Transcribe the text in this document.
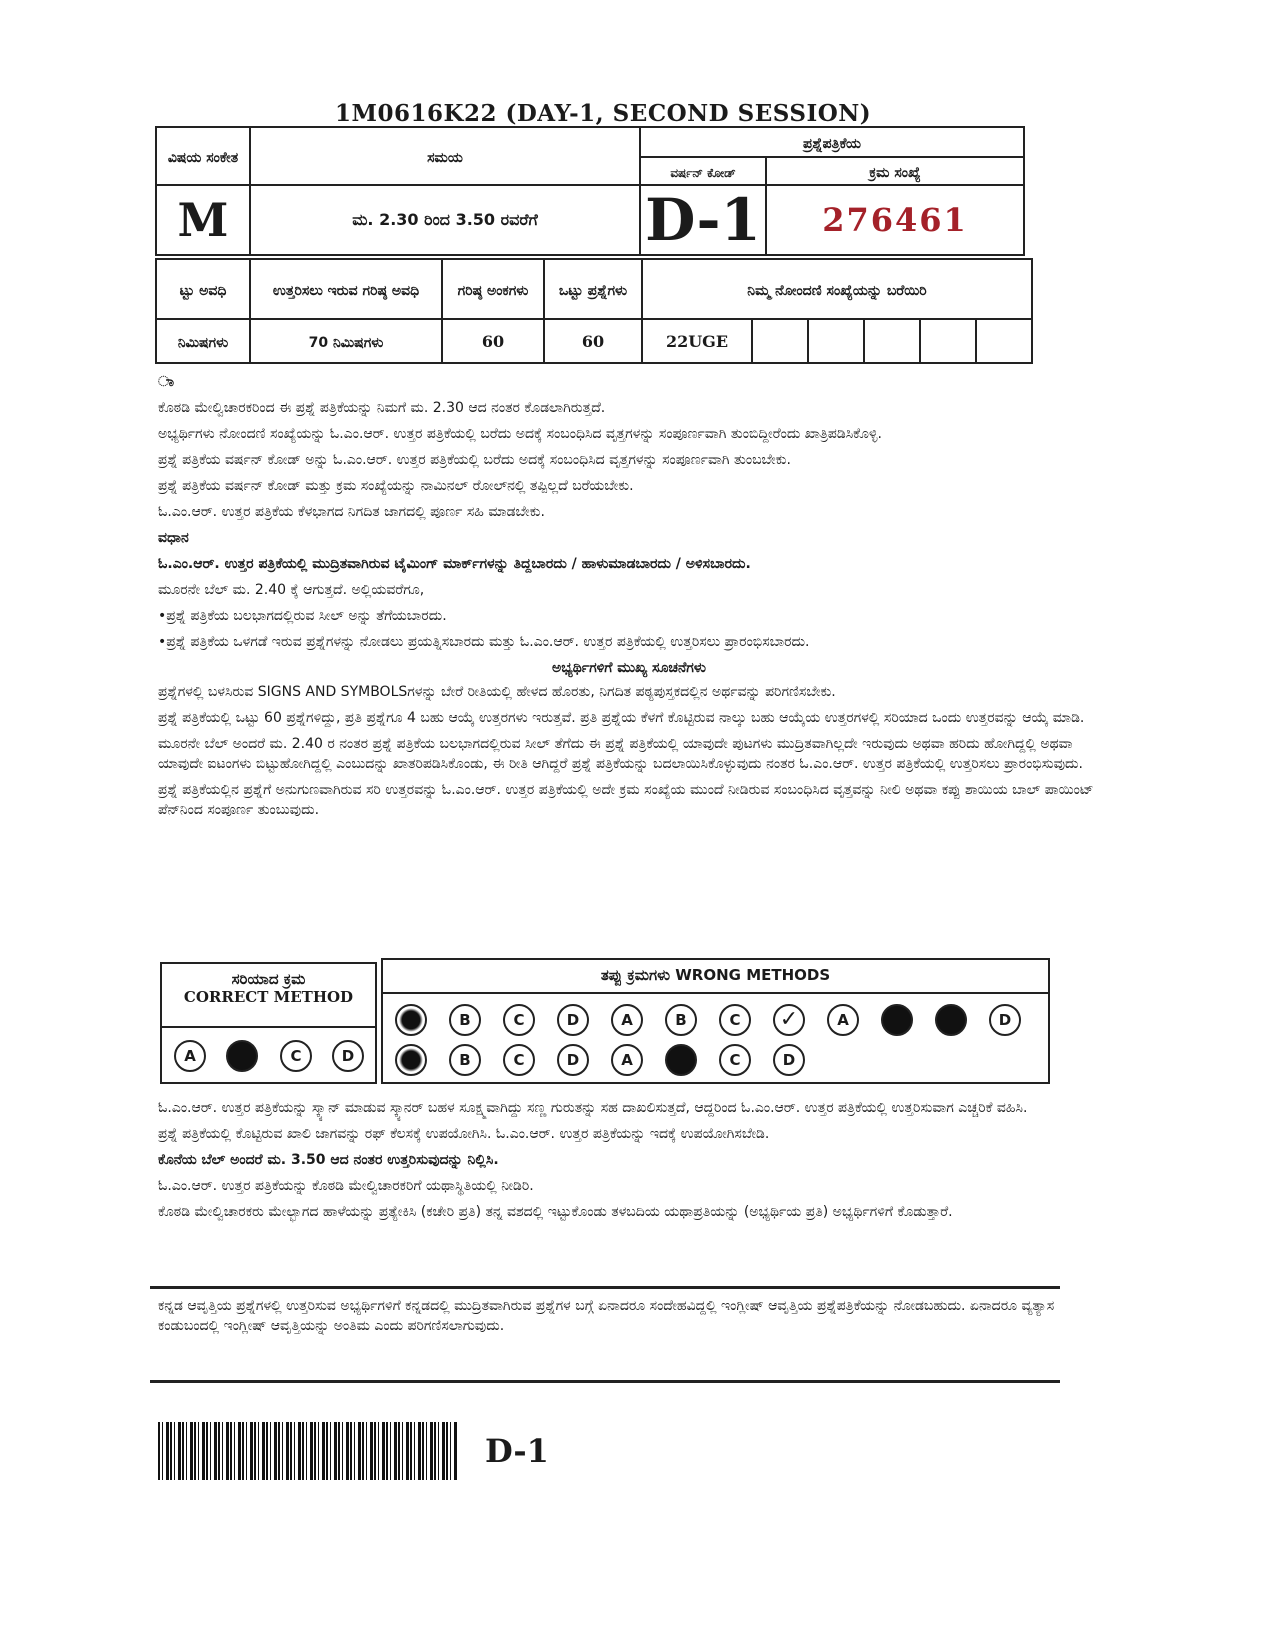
1M0616K22 (DAY-1, SECOND SESSION)
ವಿಷಯ ಸಂಕೇತ	ಸಮಯ	ಪ್ರಶ್ನೆಪತ್ರಿಕೆಯ	
		ವರ್ಷನ್ ಕೋಡ್	ಕ್ರಮ ಸಂಖ್ಯೆ
M	ಮ. 2.30 ರಿಂದ 3.50 ರವರೆಗೆ	D-1	276461
ಟ್ಟು ಅವಧಿ	ಉತ್ತರಿಸಲು ಇರುವ ಗರಿಷ್ಠ ಅವಧಿ	ಗರಿಷ್ಠ ಅಂಕಗಳು	ಒಟ್ಟು ಪ್ರಶ್ನೆಗಳು	ನಿಮ್ಮ ನೋಂದಣಿ ಸಂಖ್ಯೆಯನ್ನು ಬರೆಯಿರಿ					
ನಿಮಿಷಗಳು	70 ನಿಮಿಷಗಳು	60	60	22UGE					

ಾ

ಕೊಠಡಿ ಮೇಲ್ವಿಚಾರಕರಿಂದ ಈ ಪ್ರಶ್ನೆ ಪತ್ರಿಕೆಯನ್ನು ನಿಮಗೆ ಮ. 2.30 ಆದ ನಂತರ ಕೊಡಲಾಗಿರುತ್ತದೆ.

ಅಭ್ಯರ್ಥಿಗಳು ನೋಂದಣಿ ಸಂಖ್ಯೆಯನ್ನು ಓ.ಎಂ.ಆರ್. ಉತ್ತರ ಪತ್ರಿಕೆಯಲ್ಲಿ ಬರೆದು ಅದಕ್ಕೆ ಸಂಬಂಧಿಸಿದ ವೃತ್ತಗಳನ್ನು ಸಂಪೂರ್ಣವಾಗಿ ತುಂಬಿದ್ದೀರೆಂದು ಖಾತ್ರಿಪಡಿಸಿಕೊಳ್ಳಿ.

ಪ್ರಶ್ನೆ ಪತ್ರಿಕೆಯ ವರ್ಷನ್ ಕೋಡ್ ಅನ್ನು ಓ.ಎಂ.ಆರ್. ಉತ್ತರ ಪತ್ರಿಕೆಯಲ್ಲಿ ಬರೆದು ಅದಕ್ಕೆ ಸಂಬಂಧಿಸಿದ ವೃತ್ತಗಳನ್ನು ಸಂಪೂರ್ಣವಾಗಿ ತುಂಬಬೇಕು.

ಪ್ರಶ್ನೆ ಪತ್ರಿಕೆಯ ವರ್ಷನ್ ಕೋಡ್ ಮತ್ತು ಕ್ರಮ ಸಂಖ್ಯೆಯನ್ನು ನಾಮಿನಲ್ ರೋಲ್‌ನಲ್ಲಿ ತಪ್ಪಿಲ್ಲದೆ ಬರೆಯಬೇಕು.

ಓ.ಎಂ.ಆರ್. ಉತ್ತರ ಪತ್ರಿಕೆಯ ಕೆಳಭಾಗದ ನಿಗದಿತ ಜಾಗದಲ್ಲಿ ಪೂರ್ಣ ಸಹಿ ಮಾಡಬೇಕು.

ವಧಾನ

ಓ.ಎಂ.ಆರ್. ಉತ್ತರ ಪತ್ರಿಕೆಯಲ್ಲಿ ಮುದ್ರಿತವಾಗಿರುವ ಟೈಮಿಂಗ್ ಮಾರ್ಕ್‌ಗಳನ್ನು ತಿದ್ದಬಾರದು / ಹಾಳುಮಾಡಬಾರದು / ಅಳಿಸಬಾರದು.

ಮೂರನೇ ಬೆಲ್ ಮ. 2.40 ಕ್ಕೆ ಆಗುತ್ತದೆ. ಅಲ್ಲಿಯವರೆಗೂ,

• ಪ್ರಶ್ನೆ ಪತ್ರಿಕೆಯ ಬಲಭಾಗದಲ್ಲಿರುವ ಸೀಲ್ ಅನ್ನು ತೆಗೆಯಬಾರದು.

• ಪ್ರಶ್ನೆ ಪತ್ರಿಕೆಯ ಒಳಗಡೆ ಇರುವ ಪ್ರಶ್ನೆಗಳನ್ನು ನೋಡಲು ಪ್ರಯತ್ನಿಸಬಾರದು ಮತ್ತು ಓ.ಎಂ.ಆರ್. ಉತ್ತರ ಪತ್ರಿಕೆಯಲ್ಲಿ ಉತ್ತರಿಸಲು ಪ್ರಾರಂಭಿಸಬಾರದು.

ಅಭ್ಯರ್ಥಿಗಳಿಗೆ ಮುಖ್ಯ ಸೂಚನೆಗಳು

ಪ್ರಶ್ನೆಗಳಲ್ಲಿ ಬಳಸಿರುವ SIGNS AND SYMBOLSಗಳನ್ನು ಬೇರೆ ರೀತಿಯಲ್ಲಿ ಹೇಳದ ಹೊರತು, ನಿಗದಿತ ಪಠ್ಯಪುಸ್ತಕದಲ್ಲಿನ ಅರ್ಥವನ್ನು ಪರಿಗಣಿಸಬೇಕು.

ಪ್ರಶ್ನೆ ಪತ್ರಿಕೆಯಲ್ಲಿ ಒಟ್ಟು 60 ಪ್ರಶ್ನೆಗಳಿದ್ದು, ಪ್ರತಿ ಪ್ರಶ್ನೆಗೂ 4 ಬಹು ಆಯ್ಕೆ ಉತ್ತರಗಳು ಇರುತ್ತವೆ. ಪ್ರತಿ ಪ್ರಶ್ನೆಯ ಕೆಳಗೆ ಕೊಟ್ಟಿರುವ ನಾಲ್ಕು ಬಹು ಆಯ್ಕೆಯ ಉತ್ತರಗಳಲ್ಲಿ ಸರಿಯಾದ ಒಂದು ಉತ್ತರವನ್ನು ಆಯ್ಕೆ ಮಾಡಿ.

ಮೂರನೇ ಬೆಲ್ ಅಂದರೆ ಮ. 2.40 ರ ನಂತರ ಪ್ರಶ್ನೆ ಪತ್ರಿಕೆಯ ಬಲಭಾಗದಲ್ಲಿರುವ ಸೀಲ್ ತೆಗೆದು ಈ ಪ್ರಶ್ನೆ ಪತ್ರಿಕೆಯಲ್ಲಿ ಯಾವುದೇ ಪುಟಗಳು ಮುದ್ರಿತವಾಗಿಲ್ಲದೇ ಇರುವುದು ಅಥವಾ ಹರಿದು ಹೋಗಿದ್ದಲ್ಲಿ ಅಥವಾ ಯಾವುದೇ ಐಟಂಗಳು ಬಿಟ್ಟುಹೋಗಿದ್ದಲ್ಲಿ ಎಂಬುದನ್ನು ಖಾತರಿಪಡಿಸಿಕೊಂಡು, ಈ ರೀತಿ ಆಗಿದ್ದರೆ ಪ್ರಶ್ನೆ ಪತ್ರಿಕೆಯನ್ನು ಬದಲಾಯಿಸಿಕೊಳ್ಳುವುದು ನಂತರ ಓ.ಎಂ.ಆರ್. ಉತ್ತರ ಪತ್ರಿಕೆಯಲ್ಲಿ ಉತ್ತರಿಸಲು ಪ್ರಾರಂಭಿಸುವುದು.

ಪ್ರಶ್ನೆ ಪತ್ರಿಕೆಯಲ್ಲಿನ ಪ್ರಶ್ನೆಗೆ ಅನುಗುಣವಾಗಿರುವ ಸರಿ ಉತ್ತರವನ್ನು ಓ.ಎಂ.ಆರ್. ಉತ್ತರ ಪತ್ರಿಕೆಯಲ್ಲಿ ಅದೇ ಕ್ರಮ ಸಂಖ್ಯೆಯ ಮುಂದೆ ನೀಡಿರುವ ಸಂಬಂಧಿಸಿದ ವೃತ್ತವನ್ನು ನೀಲಿ ಅಥವಾ ಕಪ್ಪು ಶಾಯಿಯ ಬಾಲ್ ಪಾಯಿಂಟ್ ಪೆನ್‌ನಿಂದ ಸಂಪೂರ್ಣ ತುಂಬುವುದು.

ಸರಿಯಾದ ಕ್ರಮ
CORRECT METHOD
A	C	D
ತಪ್ಪು ಕ್ರಮಗಳು WRONG METHODS
B	C	D	A	B	C	✓	A	D
B	C	D	A	C	D

ಓ.ಎಂ.ಆರ್. ಉತ್ತರ ಪತ್ರಿಕೆಯನ್ನು ಸ್ಕ್ಯಾನ್ ಮಾಡುವ ಸ್ಕ್ಯಾನರ್ ಬಹಳ ಸೂಕ್ಷ್ಮವಾಗಿದ್ದು ಸಣ್ಣ ಗುರುತನ್ನು ಸಹ ದಾಖಲಿಸುತ್ತದೆ, ಆದ್ದರಿಂದ ಓ.ಎಂ.ಆರ್. ಉತ್ತರ ಪತ್ರಿಕೆಯಲ್ಲಿ ಉತ್ತರಿಸುವಾಗ ಎಚ್ಚರಿಕೆ ವಹಿಸಿ.

ಪ್ರಶ್ನೆ ಪತ್ರಿಕೆಯಲ್ಲಿ ಕೊಟ್ಟಿರುವ ಖಾಲಿ ಜಾಗವನ್ನು ರಫ್ ಕೆಲಸಕ್ಕೆ ಉಪಯೋಗಿಸಿ. ಓ.ಎಂ.ಆರ್. ಉತ್ತರ ಪತ್ರಿಕೆಯನ್ನು ಇದಕ್ಕೆ ಉಪಯೋಗಿಸಬೇಡಿ.

ಕೊನೆಯ ಬೆಲ್ ಅಂದರೆ ಮ. 3.50 ಆದ ನಂತರ ಉತ್ತರಿಸುವುದನ್ನು ನಿಲ್ಲಿಸಿ.

ಓ.ಎಂ.ಆರ್. ಉತ್ತರ ಪತ್ರಿಕೆಯನ್ನು ಕೊಠಡಿ ಮೇಲ್ವಿಚಾರಕರಿಗೆ ಯಥಾಸ್ಥಿತಿಯಲ್ಲಿ ನೀಡಿರಿ.

ಕೊಠಡಿ ಮೇಲ್ವಿಚಾರಕರು ಮೇಲ್ಭಾಗದ ಹಾಳೆಯನ್ನು ಪ್ರತ್ಯೇಕಿಸಿ (ಕಚೇರಿ ಪ್ರತಿ) ತನ್ನ ವಶದಲ್ಲಿ ಇಟ್ಟುಕೊಂಡು ತಳಬದಿಯ ಯಥಾಪ್ರತಿಯನ್ನು (ಅಭ್ಯರ್ಥಿಯ ಪ್ರತಿ) ಅಭ್ಯರ್ಥಿಗಳಿಗೆ ಕೊಡುತ್ತಾರೆ.

ಕನ್ನಡ ಆವೃತ್ತಿಯ ಪ್ರಶ್ನೆಗಳಲ್ಲಿ ಉತ್ತರಿಸುವ ಅಭ್ಯರ್ಥಿಗಳಿಗೆ ಕನ್ನಡದಲ್ಲಿ ಮುದ್ರಿತವಾಗಿರುವ ಪ್ರಶ್ನೆಗಳ ಬಗ್ಗೆ ಏನಾದರೂ ಸಂದೇಹವಿದ್ದಲ್ಲಿ ಇಂಗ್ಲೀಷ್ ಆವೃತ್ತಿಯ ಪ್ರಶ್ನೆಪತ್ರಿಕೆಯನ್ನು ನೋಡಬಹುದು. ಏನಾದರೂ ವ್ಯತ್ಯಾಸ ಕಂಡುಬಂದಲ್ಲಿ ಇಂಗ್ಲೀಷ್ ಆವೃತ್ತಿಯನ್ನು ಅಂತಿಮ ಎಂದು ಪರಿಗಣಿಸಲಾಗುವುದು.

D-1
